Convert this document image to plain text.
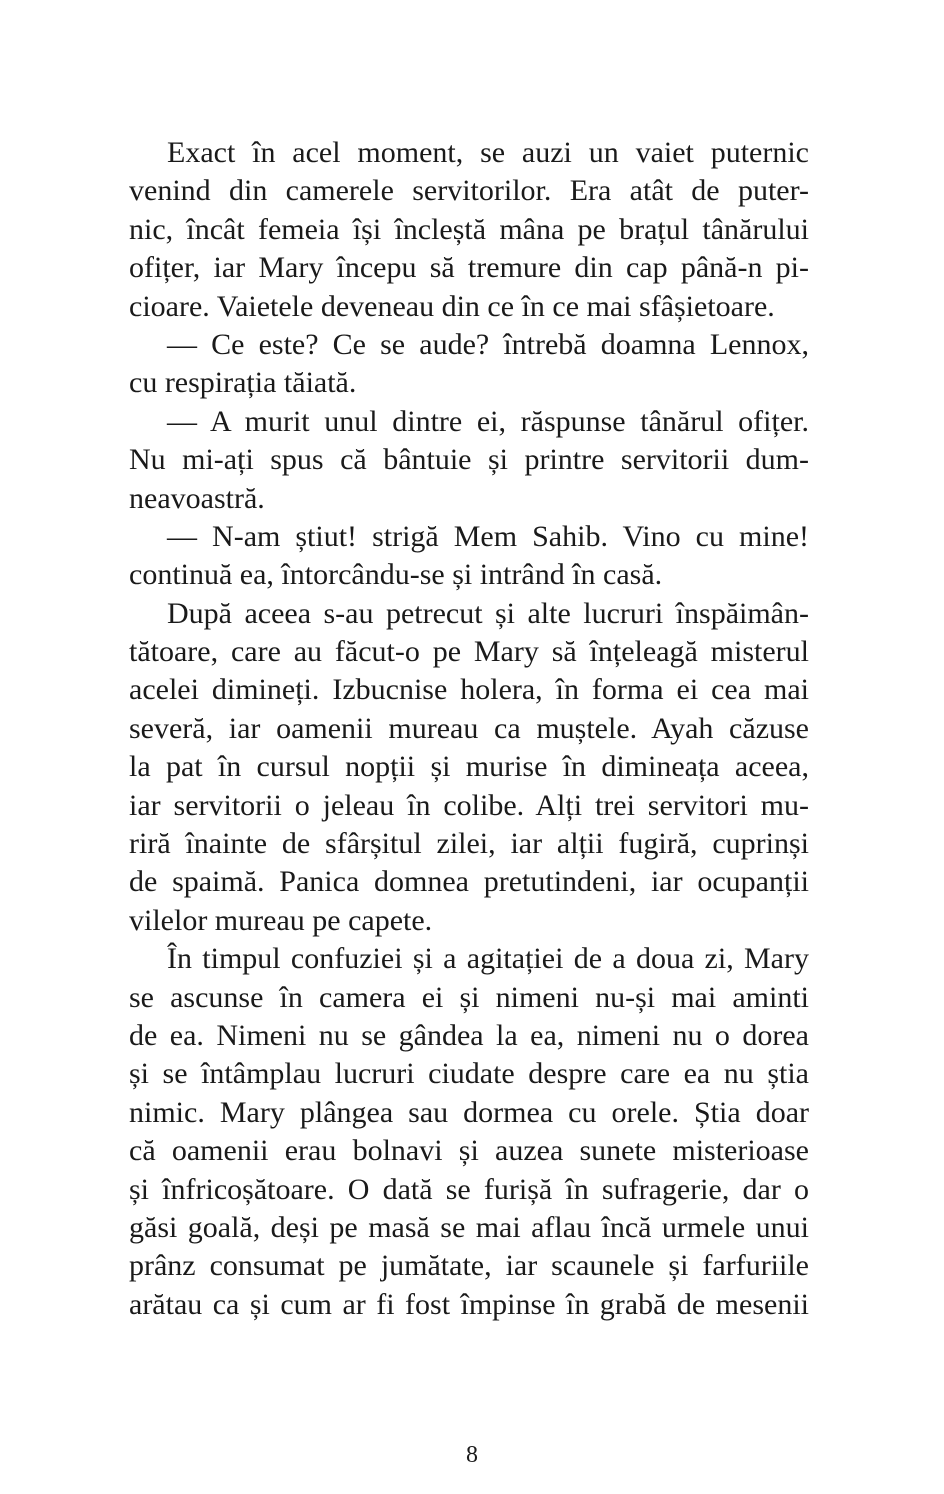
Exact în acel moment, se auzi un vaiet puternic
venind din camerele servitorilor. Era atât de puter-
nic, încât femeia își încleștă mâna pe brațul tânărului
ofițer, iar Mary începu să tremure din cap până-n pi-
cioare. Vaietele deveneau din ce în ce mai sfâșietoare.
— Ce este? Ce se aude? întrebă doamna Lennox,
cu respirația tăiată.
— A murit unul dintre ei, răspunse tânărul ofițer.
Nu mi-ați spus că bântuie și printre servitorii dum-
neavoastră.
— N-am știut! strigă Mem Sahib. Vino cu mine!
continuă ea, întorcându-se și intrând în casă.
După aceea s-au petrecut și alte lucruri înspăimân-
tătoare, care au făcut-o pe Mary să înțeleagă misterul
acelei dimineți. Izbucnise holera, în forma ei cea mai
severă, iar oamenii mureau ca muștele. Ayah căzuse
la pat în cursul nopții și murise în dimineața aceea,
iar servitorii o jeleau în colibe. Alți trei servitori mu-
riră înainte de sfârșitul zilei, iar alții fugiră, cuprinși
de spaimă. Panica domnea pretutindeni, iar ocupanții
vilelor mureau pe capete.
În timpul confuziei și a agitației de a doua zi, Mary
se ascunse în camera ei și nimeni nu-și mai aminti
de ea. Nimeni nu se gândea la ea, nimeni nu o dorea
și se întâmplau lucruri ciudate despre care ea nu știa
nimic. Mary plângea sau dormea cu orele. Știa doar
că oamenii erau bolnavi și auzea sunete misterioase
și înfricoșătoare. O dată se furișă în sufragerie, dar o
găsi goală, deși pe masă se mai aflau încă urmele unui
prânz consumat pe jumătate, iar scaunele și farfuriile
arătau ca și cum ar fi fost împinse în grabă de mesenii
8
